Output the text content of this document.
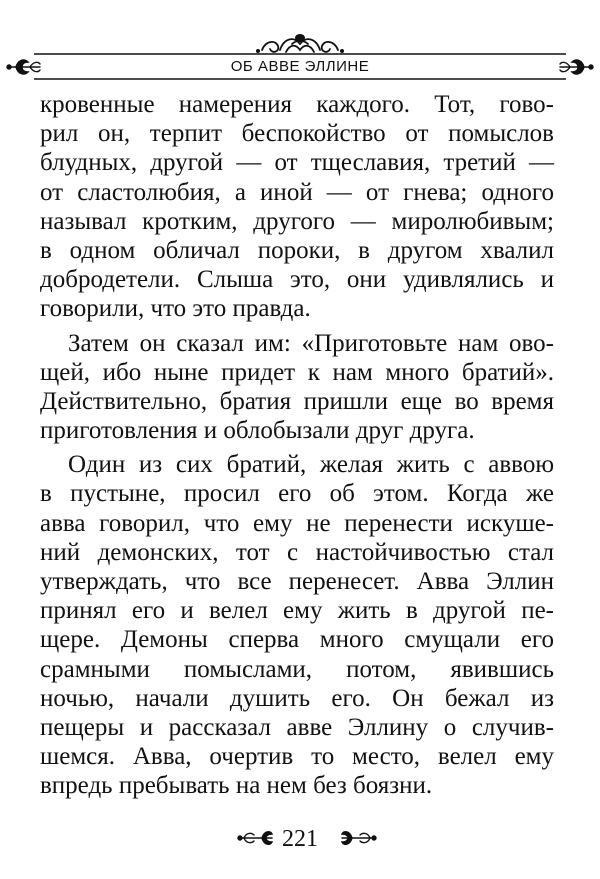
ОБ АВВЕ ЭЛЛИНЕ
кровенные намерения каждого. Тот, гово-
рил он, терпит беспокойство от помыслов
блудных, другой — от тщеславия, третий —
от сластолюбия, а иной — от гнева; одного
называл кротким, другого — миролюбивым;
в одном обличал пороки, в другом хвалил
добродетели. Слыша это, они удивлялись и
говорили, что это правда.
Затем он сказал им: «Приготовьте нам ово-
щей, ибо ныне придет к нам много братий».
Действительно, братия пришли еще во время
приготовления и облобызали друг друга.
Один из сих братий, желая жить с аввою
в пустыне, просил его об этом. Когда же
авва говорил, что ему не перенести искуше-
ний демонских, тот с настойчивостью стал
утверждать, что все перенесет. Авва Эллин
принял его и велел ему жить в другой пе-
щере. Демоны сперва много смущали его
срамными помыслами, потом, явившись
ночью, начали душить его. Он бежал из
пещеры и рассказал авве Эллину о случив-
шемся. Авва, очертив то место, велел ему
впредь пребывать на нем без боязни.
221
